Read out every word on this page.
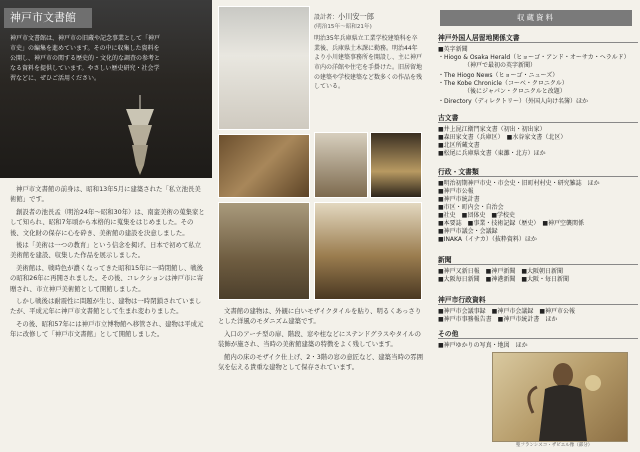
神戸市文書館
神戸市文書館は、神戸市の旧蔵や記念事業として「神戸市史」の編集を進めています。その中に収集した資料を公開し、神戸市の関する歴史的・文化的な調査の参考となる資料を提供しています。やさしい歴史研究・社会学習などに、ぜひご活用ください。

神戸市文書館の前身は、昭和13年5月に建築された「私立池長美術館」です。

創設者の池長孟（明治24年〜昭和30年）は、南蛮美術の蒐集家として知られ、昭和7年頃から本格的に蒐集をはじめました。その後、文化財の保存に心を砕き、美術館の建設を決意しました。

後は「美術は一つの教育」という信念を掲げ、日本で初めて私立美術館を建設、収集した作品を展示しました。

美術館は、戦時色が濃くなってきた昭和15年に一時閉館し、戦後の昭和26年に再開されました。その後、コレクションは神戸市に寄贈され、市立神戸美術館として開館しました。

しかし戦後は耐震性に問題が生じ、建物は一時閉鎖されていましたが、平成元年に神戸市文書館として生まれ変わりました。

その後、昭和57年には神戸市立博物館へ移管され、建物は平成元年に改修して「神戸市文書館」として開館しました。

設計者：小川安一郎
(明治15年〜昭和21年)
明治35年兵庫県立工業学校建築科を卒業後、兵庫県土木課に勤務。明治44年より小川建築事務所を開設し、主に神戸市内の洋館や住宅を手掛けた。旧居留地の建築や学校建築など数多くの作品を残している。

文書館の建物は、外観に白いモザイクタイルを貼り、明るくあっさりとした洋風のモダニズム建築です。

入口のアーチ型の扉、階段、窓や柱などにステンドグラスやタイルの装飾が施され、当時の美術館建築の特徴をよく残しています。

館内の床のモザイク仕上げ、2・3階の窓の意匠など、建築当時の雰囲気を伝える貴重な建物として保存されています。

収蔵資料
神戸外国人居留地関係文書
■英字新聞
・Hiogo & Osaka Herald（ヒョーゴ・アンド・オーサカ・ヘラルド）
（神戸で最初の英字新聞）
・The Hiogo News（ヒョーゴ・ニューズ）
・The Kobe Chronicle（コーベ・クロニクル）
（後にジャパン・クロニクルと改題）
・Directory（ディレクトリー）（外国人向け名簿）ほか
古文書
■井上昆江衛門家文書（初出・初出家）
■森田家文書（兵庫区）　■水谷家文書（北区）
■北区所蔵文書
■松尾に兵庫県文書（東灘・北方）ほか
行政・文書類
■明治初期神戸市史・市会史・旧町村村史・研究雑誌　ほか
■神戸市公報
■神戸市統計書
■市区・町内会・自治会
■社史　■団体史　■学校史
■本要誌　■事業・技術記録（歴史）　■神戸空襲関係
■神戸市議会・会議録
■INAKA（イナカ）（抜粋資料）ほか
新聞
■神戸又新日報　■神戸新聞　■大阪朝日新聞
■大阪毎日新聞　■神港新聞　■大阪・毎日新聞
神戸市行政資料
■神戸市会議事録　■神戸市会議録　■神戸市公報
■神戸市事務報告書　■神戸市統計書　ほか
その他
■神戸ゆかりの写真・地図　ほか
聖フランシスコ・ザビエル像（部分）
